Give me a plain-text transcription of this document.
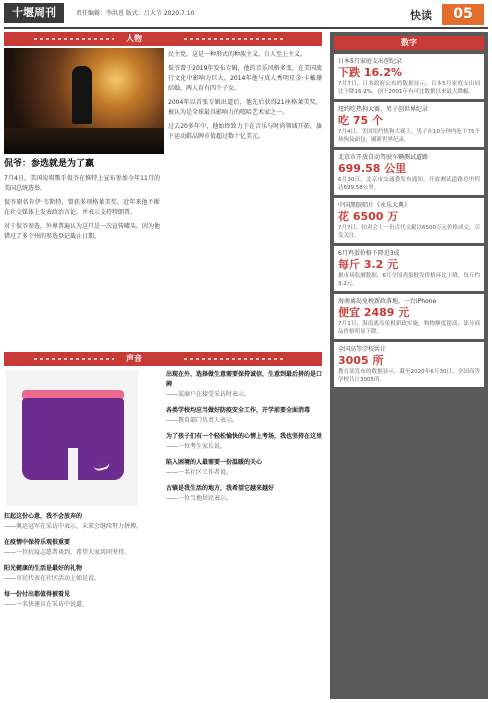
十堰周刊	责任编辑：李洪恩 版式：吕大节 2020.7.10	快读	05
人物
侃爷：参选就是为了赢

7月4日，美国说唱歌手侃爷在推特上宣布参加今年11月的美国总统选举。

侃爷原名肯伊·韦斯特，曾获多项格莱美奖，近年来他不断在社交媒体上发表政治言论，并表示支持特朗普。

对于侃爷参选，外界普遍认为这只是一次宣传噱头，因为他错过了多个州的参选登记截止日期。

民主党，这是一种形式的种族主义，白人至上主义。

侃爷曾于2019年发布专辑，他的音乐风格多变，在美国流行文化中影响力巨大。2014年他与真人秀明星金·卡戴珊结婚，两人育有四个子女。

2004年以首张专辑出道后，他先后获得21座格莱美奖，被认为是全球最具影响力的嘻哈艺术家之一。

过去20多年中，他始终致力于在音乐与时尚领域开拓，旗下运动鞋品牌市值超过数十亿美元。

声音
扛起这份心意，我不会放弃的
——奥运冠军在采访中表示，未来会继续努力拼搏。
在疫情中保持乐观很重要
——一位抗疫志愿者谈到，希望大家共同坚持。
阳光健康的生活是最好的礼物
——市民代表在社区活动上如是说。
每一份付出都值得被看见
——一名快递员在采访中说道。
出现在外，选择做生意需要保持诚信，生意到最后拼的是口碑
——某商户在接受采访时表示。
各类学校均应当做好防疫安全工作，开学前要全面消毒
——教育部门负责人表示。
为了孩子们有一个轻松愉快的心情上考场，我也坚持在这里
——一位考生家长说。
陷入困境的人最需要一份温暖的关心
——一名社区工作者说。
古镇是我生活的地方，我希望它越来越好
——一位当地居民表示。
数字
日本5月家庭支出创纪录
下跌 16.2%
7月7日，日本政府公布的数据显示，日本5月家庭支出同比下降16.2%，创下2001年有可比数据以来最大降幅。
纽约吃热狗大赛，男子创世界纪录
吃 75 个
7月4日，美国纽约热狗大赛上，男子在10分钟内吃下75个热狗及面包，刷新世界纪录。
北京市开放自动驾驶车辆测试道路
699.58 公里
6月30日，北京市交通委发布通知，开放测试道路总里程达699.58公里。
中国黑胶唱片《永乐大典》
花 6500 万
7月7日，拍卖会上一份古代文献以6500万元价格成交，引发关注。
6月鸡蛋价格下降近3成
每斤 3.2 元
据市场监测数据，6月全国鸡蛋批发价格环比下降，每斤约3.2元。
海南离岛免税新政落地，一台iPhone
便宜 2489 元
7月1日，海南离岛免税新政实施，购物额度提高，部分商品价格明显下降。
全国高等学校共计
3005 所
教育部发布的数据显示，截至2020年6月30日，全国高等学校共计3005所。
